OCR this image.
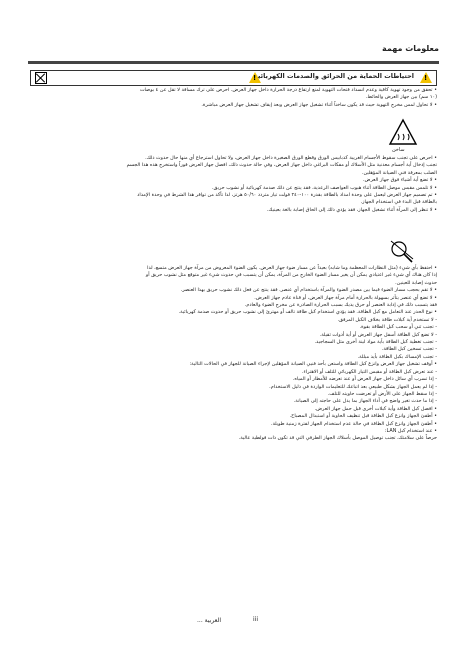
معلومات مهمة
!
احتياطات الحماية من الحرائق والصدمات الكهربائية
!

• تحقق من وجود تهوية كافية وعدم انسداد فتحات التهوية لمنع ارتفاع درجة الحرارة داخل جهاز العرض. احرص على ترك مسافة لا تقل عن ٤ بوصات

(١٠ سم) بين جهاز العرض والحائط.

• لا تحاول لمس مخرج التهوية حيث قد يكون ساخناً أثناء تشغيل جهاز العرض وبعد إيقاف تشغيل جهاز العرض مباشرة.

ساخن

• احرص على تجنب سقوط الأجسام الغريبة كدبابيس الورق وقطع الورق الصغيرة داخل جهاز العرض، ولا تحاول استرجاع أي منها حال حدوث ذلك.

تجنب إدخال أية أجسام معدنية مثل الأسلاك أو مفكات البراغي داخل جهاز العرض، وفي حالة حدوث ذلك، افصل جهاز العرض فوراً واستخرج هذه هذا الجسم

الصلب بمعرفة فني الصيانة المؤهلين.

• لا تضع أية أشياء فوق جهاز العرض.

• لا تلمس مقبس موصل الطاقة أثناء هبوب العواصف الرعدية، فقد ينتج عن ذلك صدمة كهربائية أو نشوب حريق.

• تم تصميم جهاز العرض ليعمل على وحدة امداد بالطاقة بقدرة ١٠٠-٢٤٠ فولت تيار متردد ٥٠/٦٠ هرتز، لذا تأكد من توافر هذا الشرط في وحدة الإمداد

بالطاقة قبل البدء في استخدام الجهاز.

• لا تنظر إلى المرآة أثناء تشغيل الجهاز، فقد يؤدي ذلك إلى الحاق إصابة بالغة بعينيك.

• احتفظ بأي شيء (مثل النظارات المعظمة وما شابه) بعيداً عن مسار ضوء جهاز العرض. يكون الضوء المعروض من مرآة جهاز العرض متسع، لذا

إذا كان هناك أي شيء غير اعتيادي يمكن أن يغير مسار الضوء الخارج من المرآة، يمكن أن يتسبب في حدوث شيء غير متوقع مثل نشوب حريق أو

حدوث إصابة للعينين.

• لا تقم بحجب مسار الضوء فيما بين مصدر الضوء والمرآة باستخدام أي عنصر. فقد ينتج عن فعل ذلك نشوب حريق بهذا العنصر.

• لا تضع أي عنصر يتأثر بسهولة بالحرارة أمام مرآة جهاز العرض، أو قناة عادم جهاز العرض.

فقد يتسبب ذلك في إذابة العنصر أو حرق يديك بسبب الحرارة الصادرة عن مخرج الضوء والعادم.

• نوع الحذر عند التعامل مع كبل الطاقة. فقد يؤدي استخدام كبل طاقة تالف أو مهترئ إلى نشوب حريق أو حدوث صدمة كهربائية.

- لا تستخدم أية كبلات طاقة بخلاف الكبل المرفق.

- تجنب ثني أو سحب كبل الطاقة بقوة.

- لا تضع كبل الطاقة أسفل جهاز العرض أو أية أدوات ثقيلة.

- تجنب تغطية كبل الطاقة بأية مواد لينة أخرى مثل السجاجيد.

- تجنب تسخين كبل الطاقة.

- تجنب الإمساك بكبل الطاقة بأيد مبللة.

• أوقف تشغيل جهاز العرض وانزع كبل الطاقة واستعن بأحد فنيي الصيانة المؤهلين لإجراء الصيانة للجهاز في الحالات التالية:

- عند تعرض كبل الطاقة أو مقبس التيار الكهربائي للتلف أو الاهتراء.

- إذا تسرب أي سائل داخل جهاز العرض أو عند تعرضه للأمطار أو المياه.

- إذا لم يعمل الجهاز بشكل طبيعي بعد اتباعك للتعليمات الواردة في دليل الاستخدام.

- إذا سقط الجهاز على الأرض أو تعرضت حاويته للتلف.

- إذا ما حدث تغير واضح في أداء الجهاز بما يدل على حاجته إلى الصيانة.

• افصل كبل الطاقة وأية كبلات أخرى قبل حمل جهاز العرض.

• أطفئ الجهاز وانزع كبل الطاقة قبل تنظيف الحاوية أو استبدال المصباح.

• أطفئ الجهاز وانزع كبل الطاقة في حالة عدم استخدام الجهاز لفترة زمنية طويلة.

• عند استخدام كبل LAN:

حرصاً على سلامتك، تجنب توصيل الموصل بأسلاك الجهاز الطرفي التي قد تكون ذات فولطية عالية.

العربية ...	iii
